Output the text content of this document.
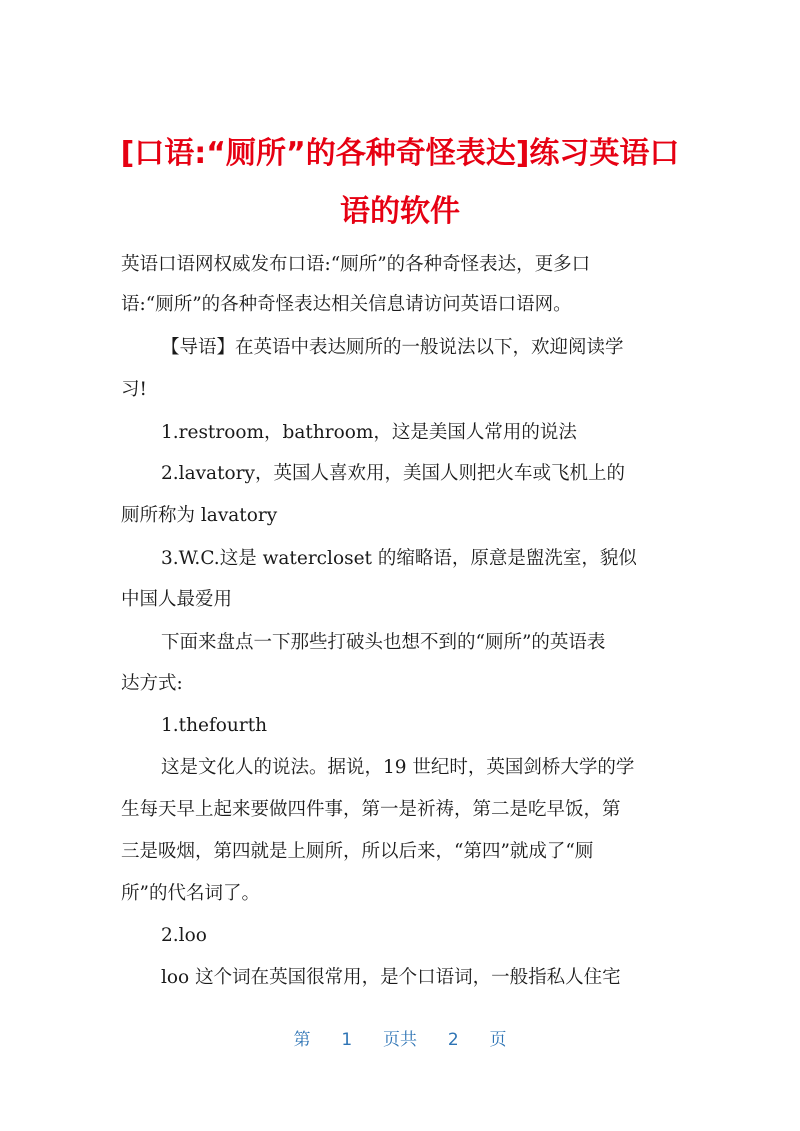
[口语:“厕所”的各种奇怪表达]练习英语口
语的软件
英语口语网权威发布口语:“厕所”的各种奇怪表达，更多口
语:“厕所”的各种奇怪表达相关信息请访问英语口语网。
【导语】在英语中表达厕所的一般说法以下，欢迎阅读学
习!
1.restroom，bathroom，这是美国人常用的说法
2.lavatory，英国人喜欢用，美国人则把火车或飞机上的
厕所称为 lavatory
3.W.C.这是 watercloset 的缩略语，原意是盥洗室，貌似
中国人最爱用
下面来盘点一下那些打破头也想不到的“厕所”的英语表
达方式:
1.thefourth
这是文化人的说法。据说，19 世纪时，英国剑桥大学的学
生每天早上起来要做四件事，第一是祈祷，第二是吃早饭，第
三是吸烟，第四就是上厕所，所以后来，“第四”就成了“厕
所”的代名词了。
2.loo
loo 这个词在英国很常用，是个口语词，一般指私人住宅
第 1 页共 2 页
